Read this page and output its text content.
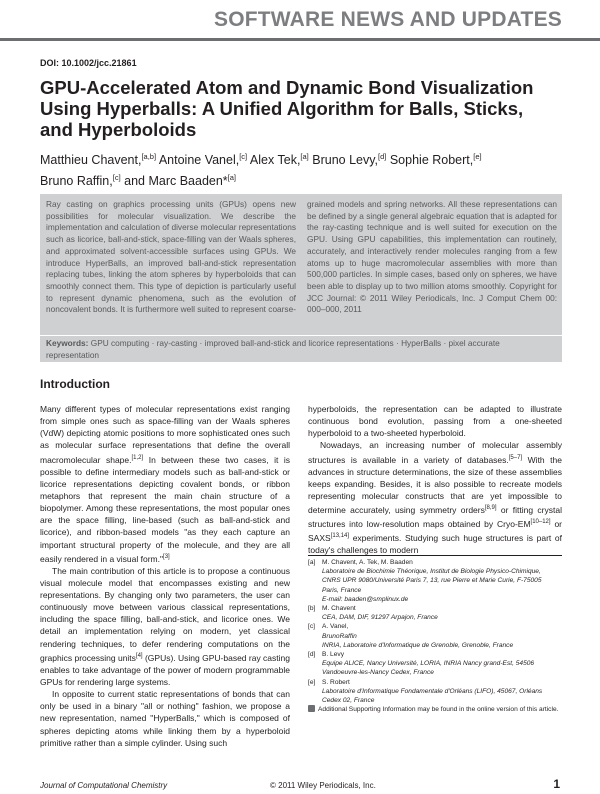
SOFTWARE NEWS AND UPDATES
DOI: 10.1002/jcc.21861
GPU-Accelerated Atom and Dynamic Bond Visualization
Using Hyperballs: A Unified Algorithm for Balls, Sticks,
and Hyperboloids
Matthieu Chavent,[a,b] Antoine Vanel,[c] Alex Tek,[a] Bruno Levy,[d] Sophie Robert,[e]
Bruno Raffin,[c] and Marc Baaden*[a]
Ray casting on graphics processing units (GPUs) opens new possibilities for molecular visualization. We describe the implementation and calculation of diverse molecular representations such as licorice, ball-and-stick, space-filling van der Waals spheres, and approximated solvent-accessible surfaces using GPUs. We introduce HyperBalls, an improved ball-and-stick representation replacing tubes, linking the atom spheres by hyperboloids that can smoothly connect them. This type of depiction is particularly useful to represent dynamic phenomena, such as the evolution of noncovalent bonds. It is furthermore well suited to represent coarse-
grained models and spring networks. All these representations can be defined by a single general algebraic equation that is adapted for the ray-casting technique and is well suited for execution on the GPU. Using GPU capabilities, this implementation can routinely, accurately, and interactively render molecules ranging from a few atoms up to huge macromolecular assemblies with more than 500,000 particles. In simple cases, based only on spheres, we have been able to display up to two million atoms smoothly. Copyright for JCC Journal: © 2011 Wiley Periodicals, Inc. J Comput Chem 00: 000–000, 2011
Keywords: GPU computing · ray-casting · improved ball-and-stick and licorice representations · HyperBalls · pixel accurate representation
Introduction

Many different types of molecular representations exist ranging from simple ones such as space-filling van der Waals spheres (VdW) depicting atomic positions to more sophisticated ones such as molecular surface representations that define the overall macromolecular shape.[1,2] In between these two cases, it is possible to define intermediary models such as ball-and-stick or licorice representations depicting covalent bonds, or ribbon metaphors that represent the main chain structure of a biopolymer. Among these representations, the most popular ones are the space filling, line-based (such as ball-and-stick and licorice), and ribbon-based models "as they each capture an important structural property of the molecule, and they are all easily rendered in a visual form."[3]

The main contribution of this article is to propose a continuous visual molecule model that encompasses existing and new representations. By changing only two parameters, the user can continuously move between various classical representations, including the space filling, ball-and-stick, and licorice ones. We detail an implementation relying on modern, yet classical rendering techniques, to defer rendering computations on the graphics processing units[4] (GPUs). Using GPU-based ray casting enables to take advantage of the power of modern programmable GPUs for rendering large systems.

In opposite to current static representations of bonds that can only be used in a binary "all or nothing" fashion, we propose a new representation, named "HyperBalls," which is composed of spheres depicting atoms while linking them by a hyperboloid primitive rather than a simple cylinder. Using such

hyperboloids, the representation can be adapted to illustrate continuous bond evolution, passing from a one-sheeted hyperboloid to a two-sheeted hyperboloid.

Nowadays, an increasing number of molecular assembly structures is available in a variety of databases.[5–7] With the advances in structure determinations, the size of these assemblies keeps expanding. Besides, it is also possible to recreate models representing molecular constructs that are yet impossible to determine accurately, using symmetry orders[8,9] or fitting crystal structures into low-resolution maps obtained by Cryo-EM[10–12] or SAXS[13,14] experiments. Studying such huge structures is part of today's challenges to modern

[a] M. Chavent, A. Tek, M. Baaden
Laboratoire de Biochimie Théorique, Institut de Biologie Physico-Chimique,
CNRS UPR 9080/Université Paris 7, 13, rue Pierre et Marie Curie, F-75005
Paris, France
E-mail: baaden@smplinux.de
[b] M. Chavent
CEA, DAM, DIF, 91297 Arpajon, France
[c] A. Vanel,
BrunoRaffin
INRIA, Laboratoire d'Informatique de Grenoble, Grenoble, France
[d] B. Levy
Equipe ALICE, Nancy Université, LORIA, INRIA Nancy grand-Est, 54506
Vandoeuvre-les-Nancy Cedex, France
[e] S. Robert
Laboratoire d'Informatique Fondamentale d'Orléans (LIFO), 45067, Orléans
Cedex 02, France
Additional Supporting Information may be found in the online version of this article.
Journal of Computational Chemistry	© 2011 Wiley Periodicals, Inc.	1
